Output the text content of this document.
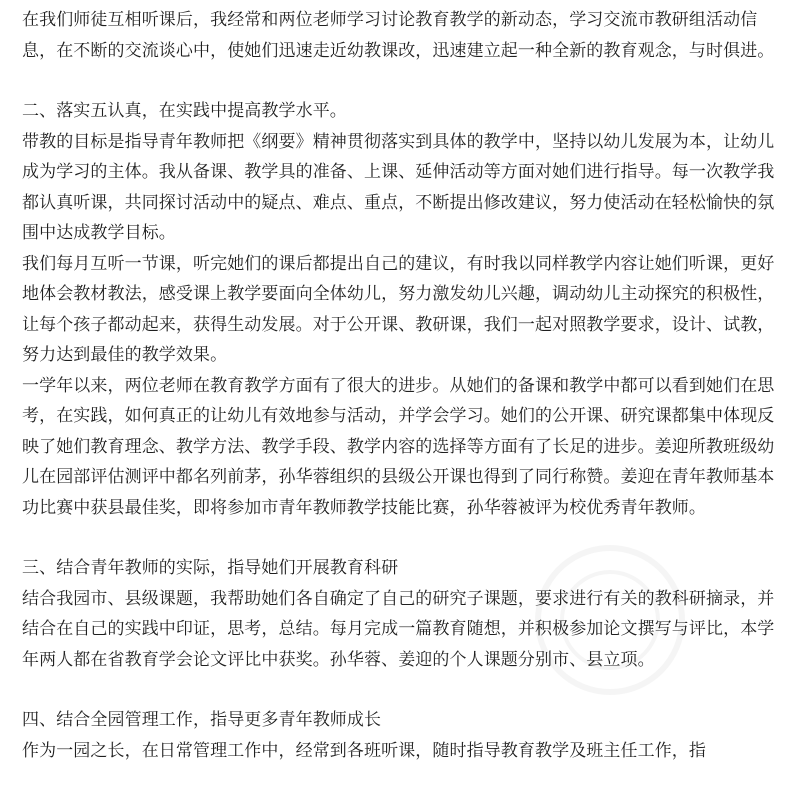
在我们师徒互相听课后，我经常和两位老师学习讨论教育教学的新动态，学习交流市教研组活动信息，在不断的交流谈心中，使她们迅速走近幼教课改，迅速建立起一种全新的教育观念，与时俱进。

二、落实五认真，在实践中提高教学水平。

带教的目标是指导青年教师把《纲要》精神贯彻落实到具体的教学中，坚持以幼儿发展为本，让幼儿成为学习的主体。我从备课、教学具的准备、上课、延伸活动等方面对她们进行指导。每一次教学我都认真听课，共同探讨活动中的疑点、难点、重点，不断提出修改建议，努力使活动在轻松愉快的氛围中达成教学目标。

我们每月互听一节课，听完她们的课后都提出自己的建议，有时我以同样教学内容让她们听课，更好地体会教材教法，感受课上教学要面向全体幼儿，努力激发幼儿兴趣，调动幼儿主动探究的积极性，让每个孩子都动起来，获得生动发展。对于公开课、教研课，我们一起对照教学要求，设计、试教，努力达到最佳的教学效果。

一学年以来，两位老师在教育教学方面有了很大的进步。从她们的备课和教学中都可以看到她们在思考，在实践，如何真正的让幼儿有效地参与活动，并学会学习。她们的公开课、研究课都集中体现反映了她们教育理念、教学方法、教学手段、教学内容的选择等方面有了长足的进步。姜迎所教班级幼儿在园部评估测评中都名列前茅，孙华蓉组织的县级公开课也得到了同行称赞。姜迎在青年教师基本功比赛中获县最佳奖，即将参加市青年教师教学技能比赛，孙华蓉被评为校优秀青年教师。

三、结合青年教师的实际，指导她们开展教育科研

结合我园市、县级课题，我帮助她们各自确定了自己的研究子课题，要求进行有关的教科研摘录，并结合在自己的实践中印证，思考，总结。每月完成一篇教育随想，并积极参加论文撰写与评比，本学年两人都在省教育学会论文评比中获奖。孙华蓉、姜迎的个人课题分别市、县立项。

四、结合全园管理工作，指导更多青年教师成长

作为一园之长，在日常管理工作中，经常到各班听课，随时指导教育教学及班主任工作，指
